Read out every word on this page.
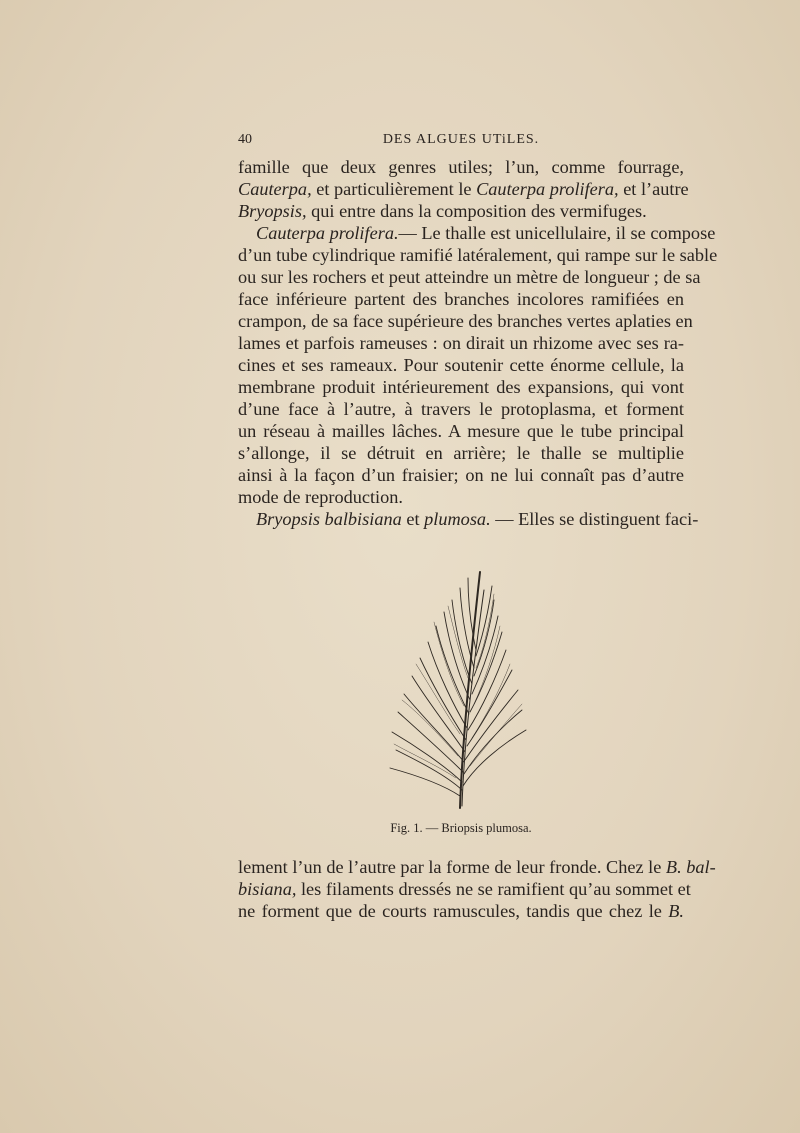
40	DES ALGUES UTiLES.
famille que deux genres utiles; l’un, comme fourrage,
Cauterpa, et particulièrement le Cauterpa prolifera, et l’autre
Bryopsis, qui entre dans la composition des vermifuges.
Cauterpa prolifera.— Le thalle est unicellulaire, il se compose
d’un tube cylindrique ramifié latéralement, qui rampe sur le sable
ou sur les rochers et peut atteindre un mètre de longueur ; de sa
face inférieure partent des branches incolores ramifiées en
crampon, de sa face supérieure des branches vertes aplaties en
lames et parfois rameuses : on dirait un rhizome avec ses ra-
cines et ses rameaux. Pour soutenir cette énorme cellule, la
membrane produit intérieurement des expansions, qui vont
d’une face à l’autre, à travers le protoplasma, et forment
un réseau à mailles lâches. A mesure que le tube principal
s’allonge, il se détruit en arrière; le thalle se multiplie
ainsi à la façon d’un fraisier; on ne lui connaît pas d’autre
mode de reproduction.
Bryopsis balbisiana et plumosa. — Elles se distinguent faci-
Fig. 1. — Briopsis plumosa.
lement l’un de l’autre par la forme de leur fronde. Chez le B. bal-
bisiana, les filaments dressés ne se ramifient qu’au sommet et
ne forment que de courts ramuscules, tandis que chez le B.
